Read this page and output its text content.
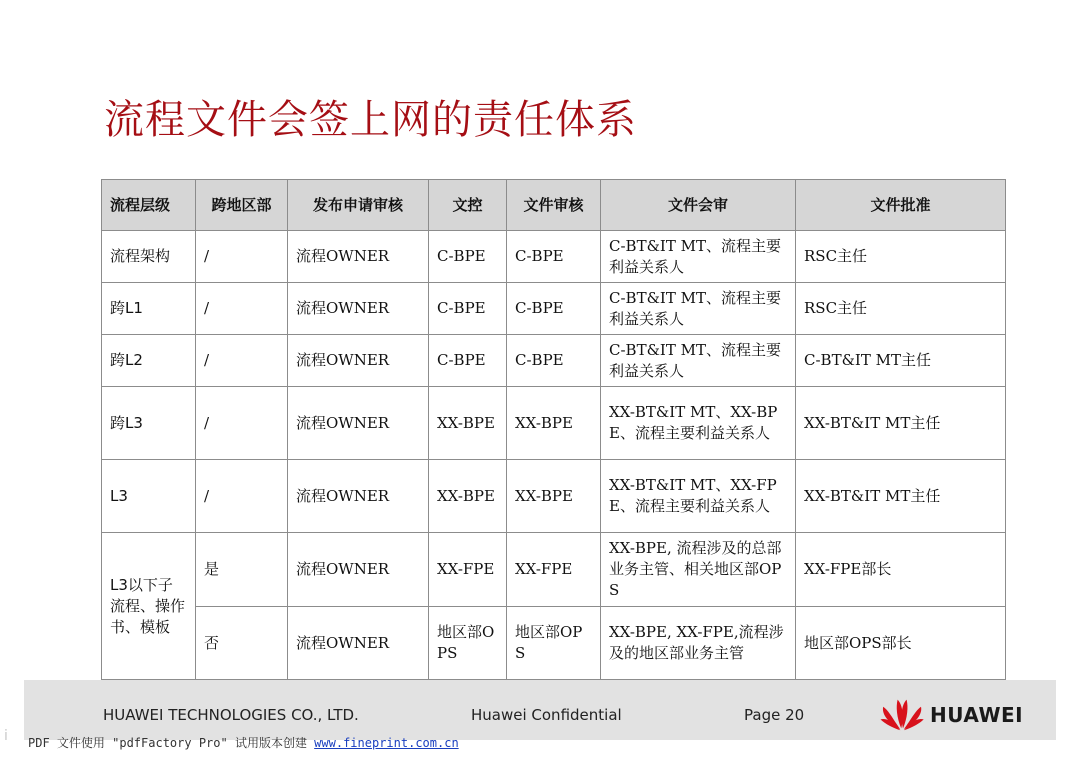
流程文件会签上网的责任体系
流程层级	跨地区部	发布申请审核	文控	文件审核	文件会审	文件批准
流程架构	/	流程OWNER	C-BPE	C-BPE	C-BT&IT MT、流程主要利益关系人	RSC主任
跨L1	/	流程OWNER	C-BPE	C-BPE	C-BT&IT MT、流程主要利益关系人	RSC主任
跨L2	/	流程OWNER	C-BPE	C-BPE	C-BT&IT MT、流程主要利益关系人	C-BT&IT MT主任
跨L3	/	流程OWNER	XX-BPE	XX-BPE	XX-BT&IT MT、XX-BPE、流程主要利益关系人	XX-BT&IT MT主任
L3	/	流程OWNER	XX-BPE	XX-BPE	XX-BT&IT MT、XX-FPE、流程主要利益关系人	XX-BT&IT MT主任
L3以下子流程、操作书、模板	是	流程OWNER	XX-FPE	XX-FPE	XX-BPE, 流程涉及的总部业务主管、相关地区部OPS	XX-FPE部长
	否	流程OWNER	地区部OPS	地区部OPS	XX-BPE, XX-FPE,流程涉及的地区部业务主管	地区部OPS部长
HUAWEI TECHNOLOGIES CO., LTD.	Huawei Confidential	Page 20	HUAWEI
i PDF 文件使用 "pdfFactory Pro" 试用版本创建 www.fineprint.com.cn
